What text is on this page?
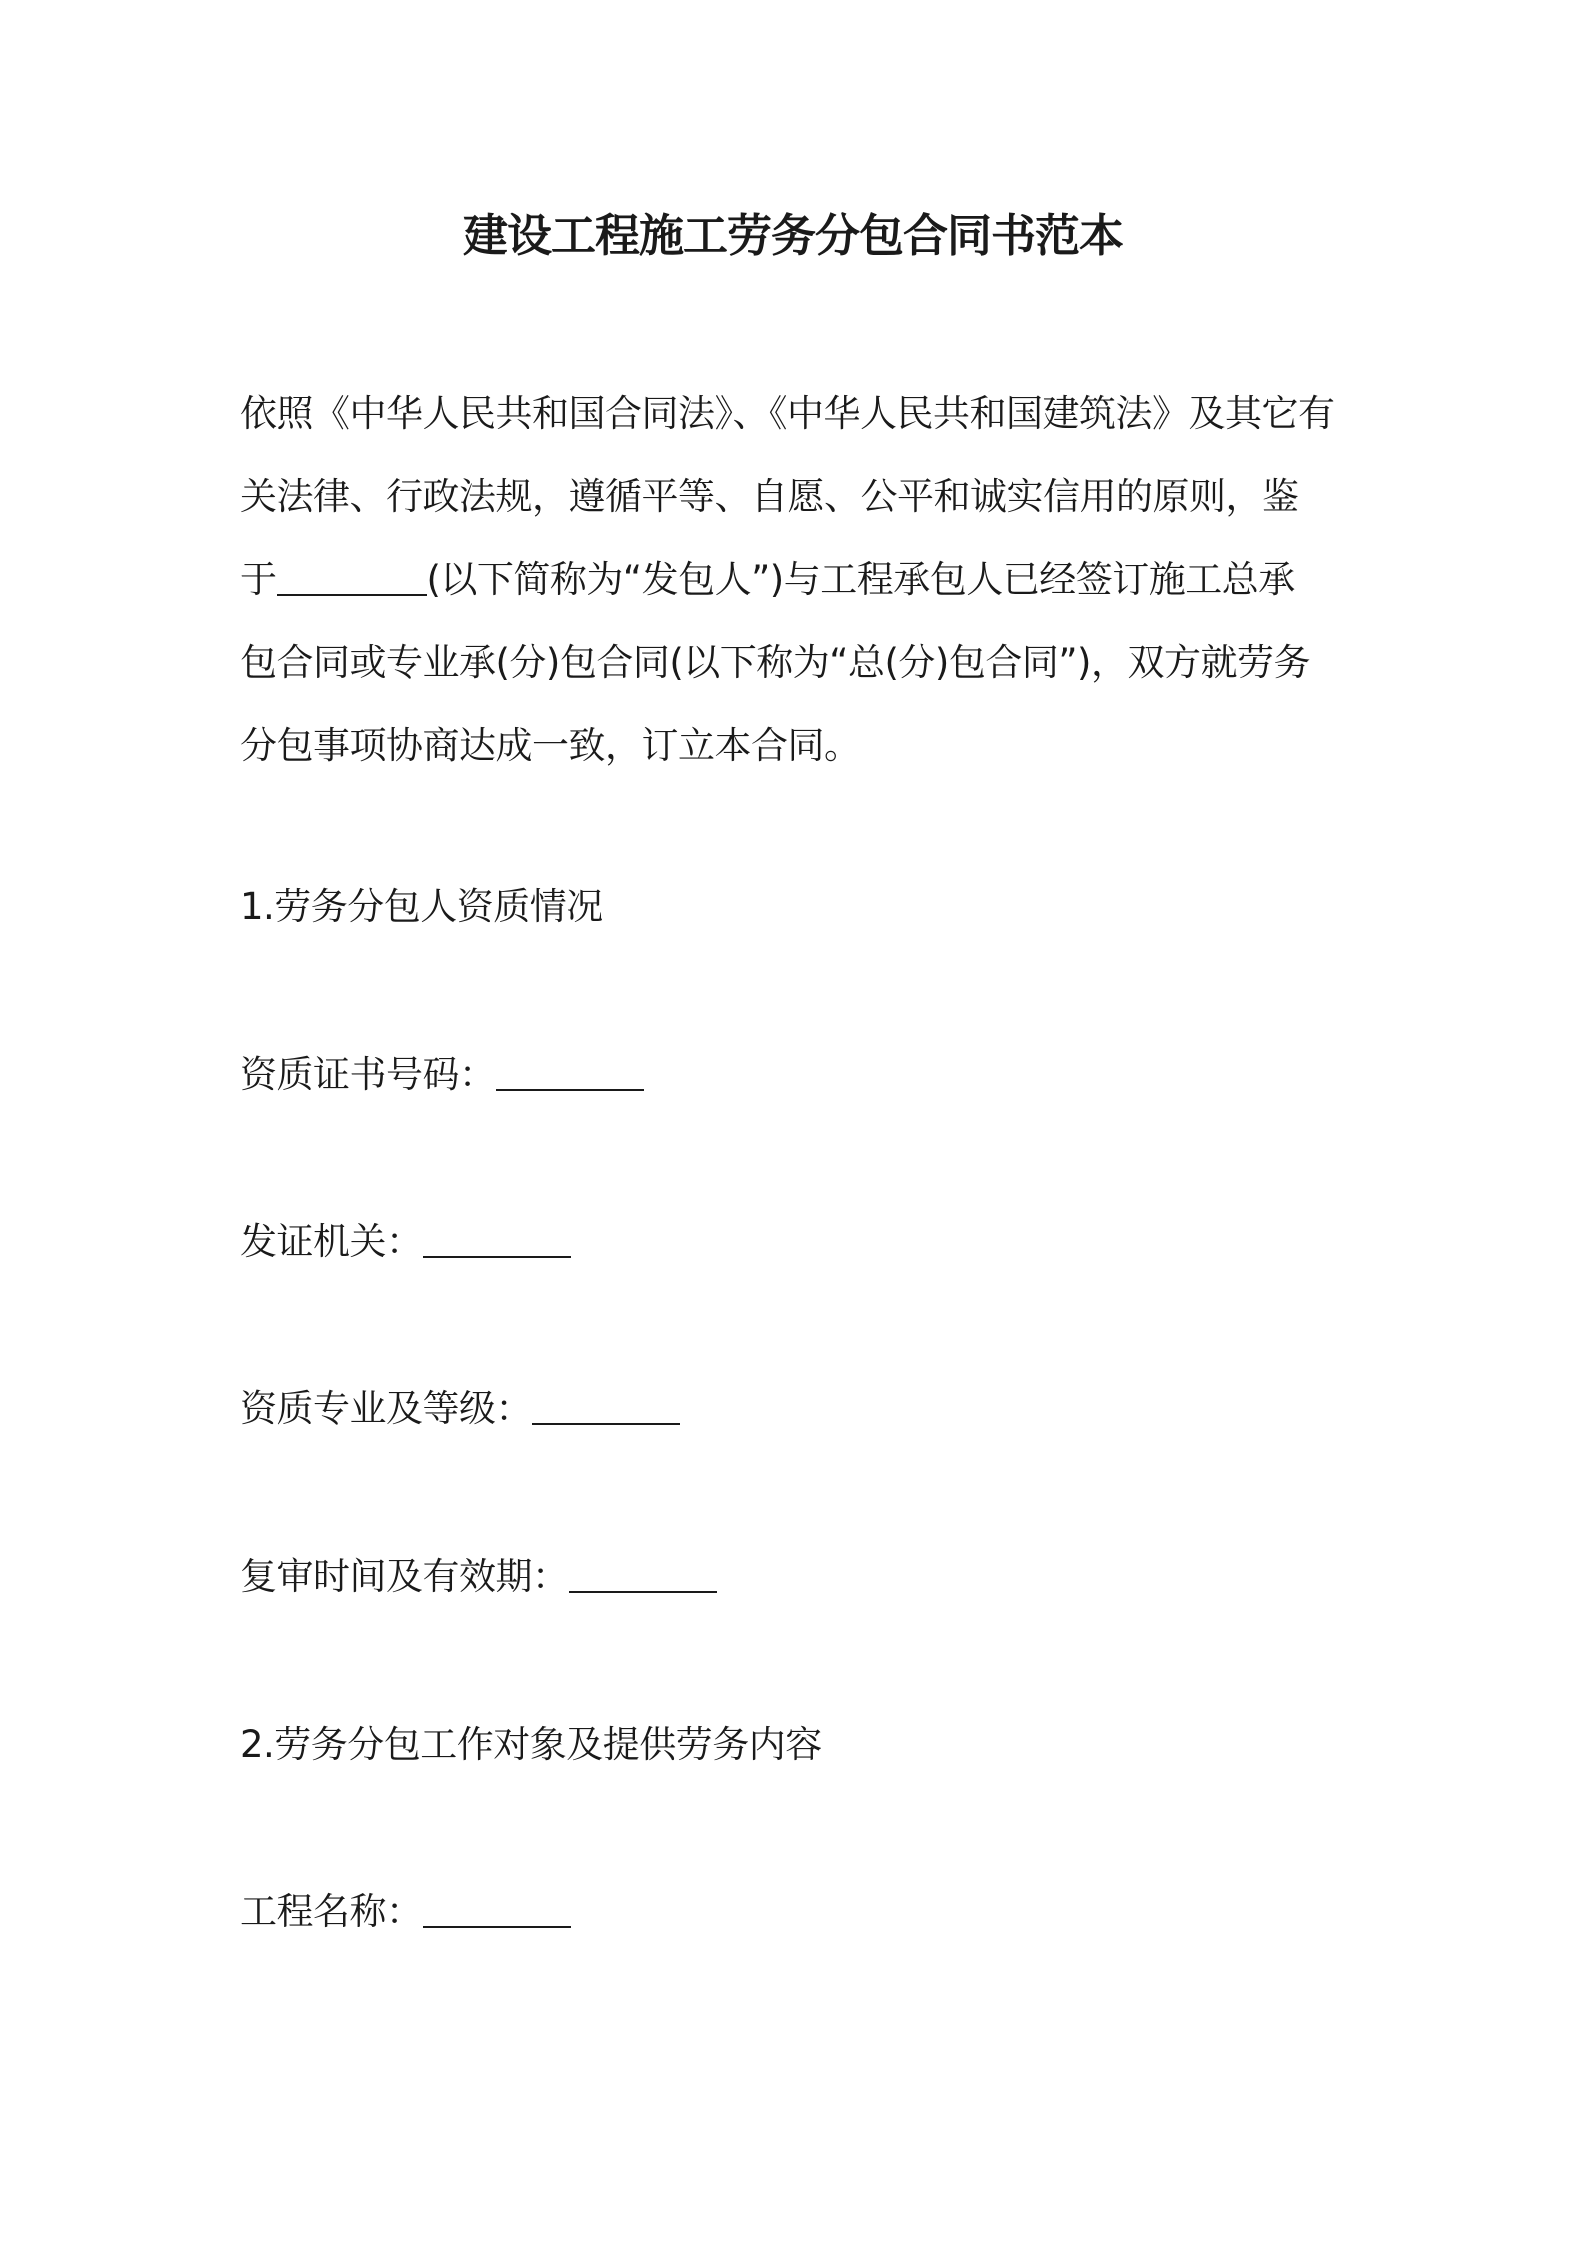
建设工程施工劳务分包合同书范本
依照《中华人民共和国合同法》、《中华人民共和国建筑法》及其它有
关法律、行政法规，遵循平等、自愿、公平和诚实信用的原则，鉴
于	(以下简称为“发包人”)与工程承包人已经签订施工总承
包合同或专业承(分)包合同(以下称为“总(分)包合同”)，双方就劳务
分包事项协商达成一致，订立本合同。
1.劳务分包人资质情况
资质证书号码：
发证机关：
资质专业及等级：
复审时间及有效期：
2.劳务分包工作对象及提供劳务内容
工程名称：
